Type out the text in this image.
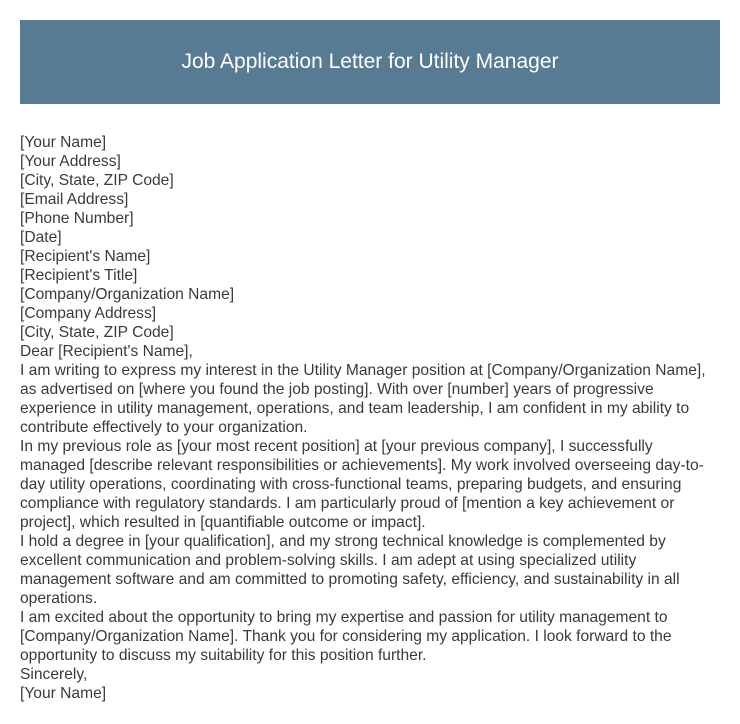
Job Application Letter for Utility Manager

[Your Name]

[Your Address]

[City, State, ZIP Code]

[Email Address]

[Phone Number]

[Date]

[Recipient's Name]

[Recipient's Title]

[Company/Organization Name]

[Company Address]

[City, State, ZIP Code]

Dear [Recipient's Name],

I am writing to express my interest in the Utility Manager position at [Company/Organization Name], as advertised on [where you found the job posting]. With over [number] years of progressive experience in utility management, operations, and team leadership, I am confident in my ability to contribute effectively to your organization.

In my previous role as [your most recent position] at [your previous company], I successfully managed [describe relevant responsibilities or achievements]. My work involved overseeing day-to-day utility operations, coordinating with cross-functional teams, preparing budgets, and ensuring compliance with regulatory standards. I am particularly proud of [mention a key achievement or project], which resulted in [quantifiable outcome or impact].

I hold a degree in [your qualification], and my strong technical knowledge is complemented by excellent communication and problem-solving skills. I am adept at using specialized utility management software and am committed to promoting safety, efficiency, and sustainability in all operations.

I am excited about the opportunity to bring my expertise and passion for utility management to [Company/Organization Name]. Thank you for considering my application. I look forward to the opportunity to discuss my suitability for this position further.

Sincerely,

[Your Name]
